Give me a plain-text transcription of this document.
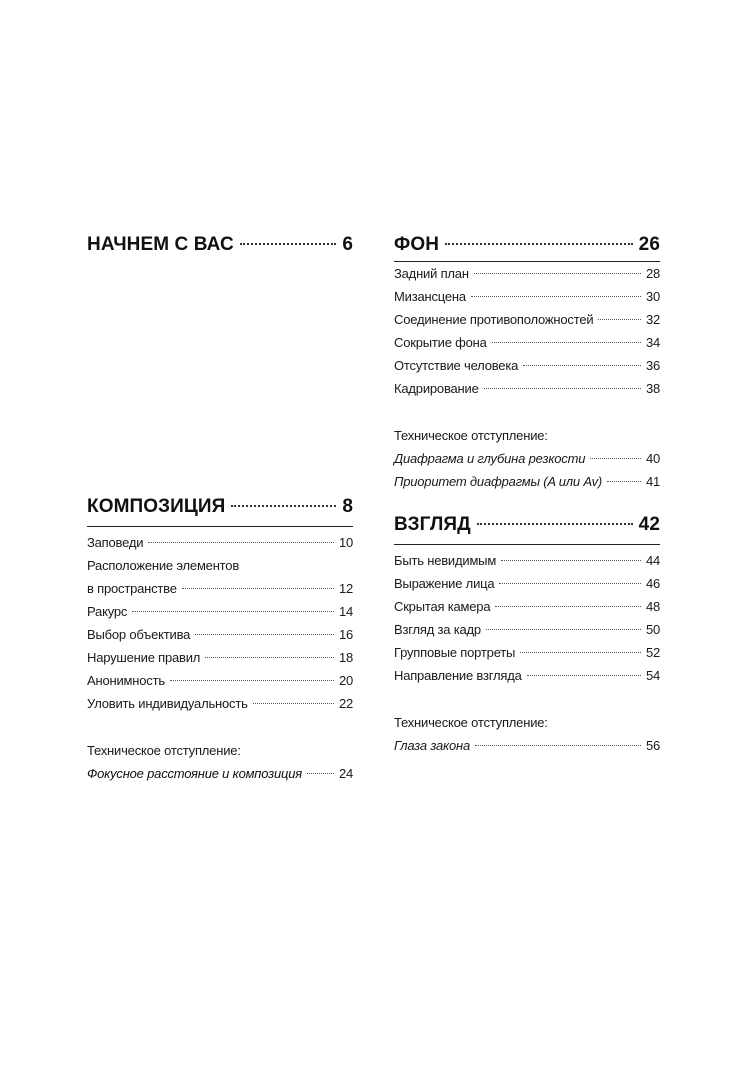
НАЧНЕМ С ВАС	6
КОМПОЗИЦИЯ	8
Заповеди	10
Расположение элементов
в пространстве	12
Ракурс	14
Выбор объектива	16
Нарушение правил	18
Анонимность	20
Уловить индивидуальность	22
Техническое отступление:
Фокусное расстояние и композиция	24
ФОН	26
Задний план	28
Мизансцена	30
Соединение противоположностей	32
Сокрытие фона	34
Отсутствие человека	36
Кадрирование	38
Техническое отступление:
Диафрагма и глубина резкости	40
Приоритет диафрагмы (A или Av)	41
ВЗГЛЯД	42
Быть невидимым	44
Выражение лица	46
Скрытая камера	48
Взгляд за кадр	50
Групповые портреты	52
Направление взгляда	54
Техническое отступление:
Глаза закона	56
